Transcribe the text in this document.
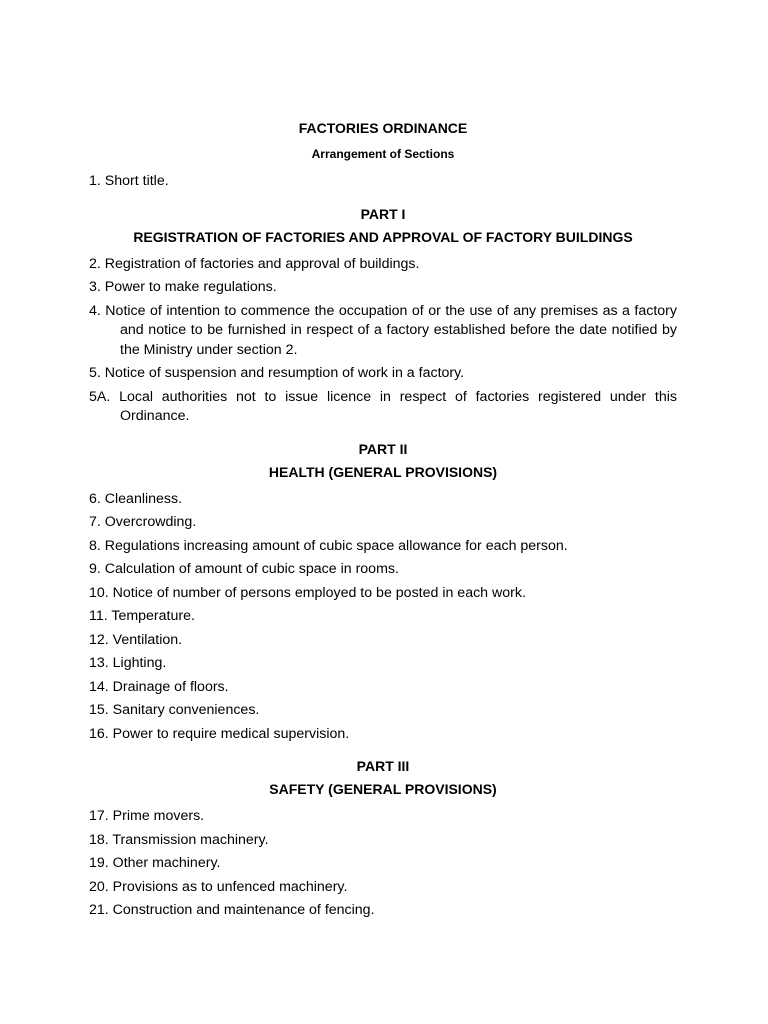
FACTORIES ORDINANCE

Arrangement of Sections

1. Short title.

PART I

REGISTRATION OF FACTORIES AND APPROVAL OF FACTORY BUILDINGS

2. Registration of factories and approval of buildings.

3. Power to make regulations.

4. Notice of intention to commence the occupation of or the use of any premises as a factory and notice to be furnished in respect of a factory established before the date notified by the Ministry under section 2.

5. Notice of suspension and resumption of work in a factory.

5A. Local authorities not to issue licence in respect of factories registered under this Ordinance.

PART II

HEALTH (GENERAL PROVISIONS)

6. Cleanliness.

7. Overcrowding.

8. Regulations increasing amount of cubic space allowance for each person.

9. Calculation of amount of cubic space in rooms.

10. Notice of number of persons employed to be posted in each work.

11. Temperature.

12. Ventilation.

13. Lighting.

14. Drainage of floors.

15. Sanitary conveniences.

16. Power to require medical supervision.

PART III

SAFETY (GENERAL PROVISIONS)

17. Prime movers.

18. Transmission machinery.

19. Other machinery.

20. Provisions as to unfenced machinery.

21. Construction and maintenance of fencing.
